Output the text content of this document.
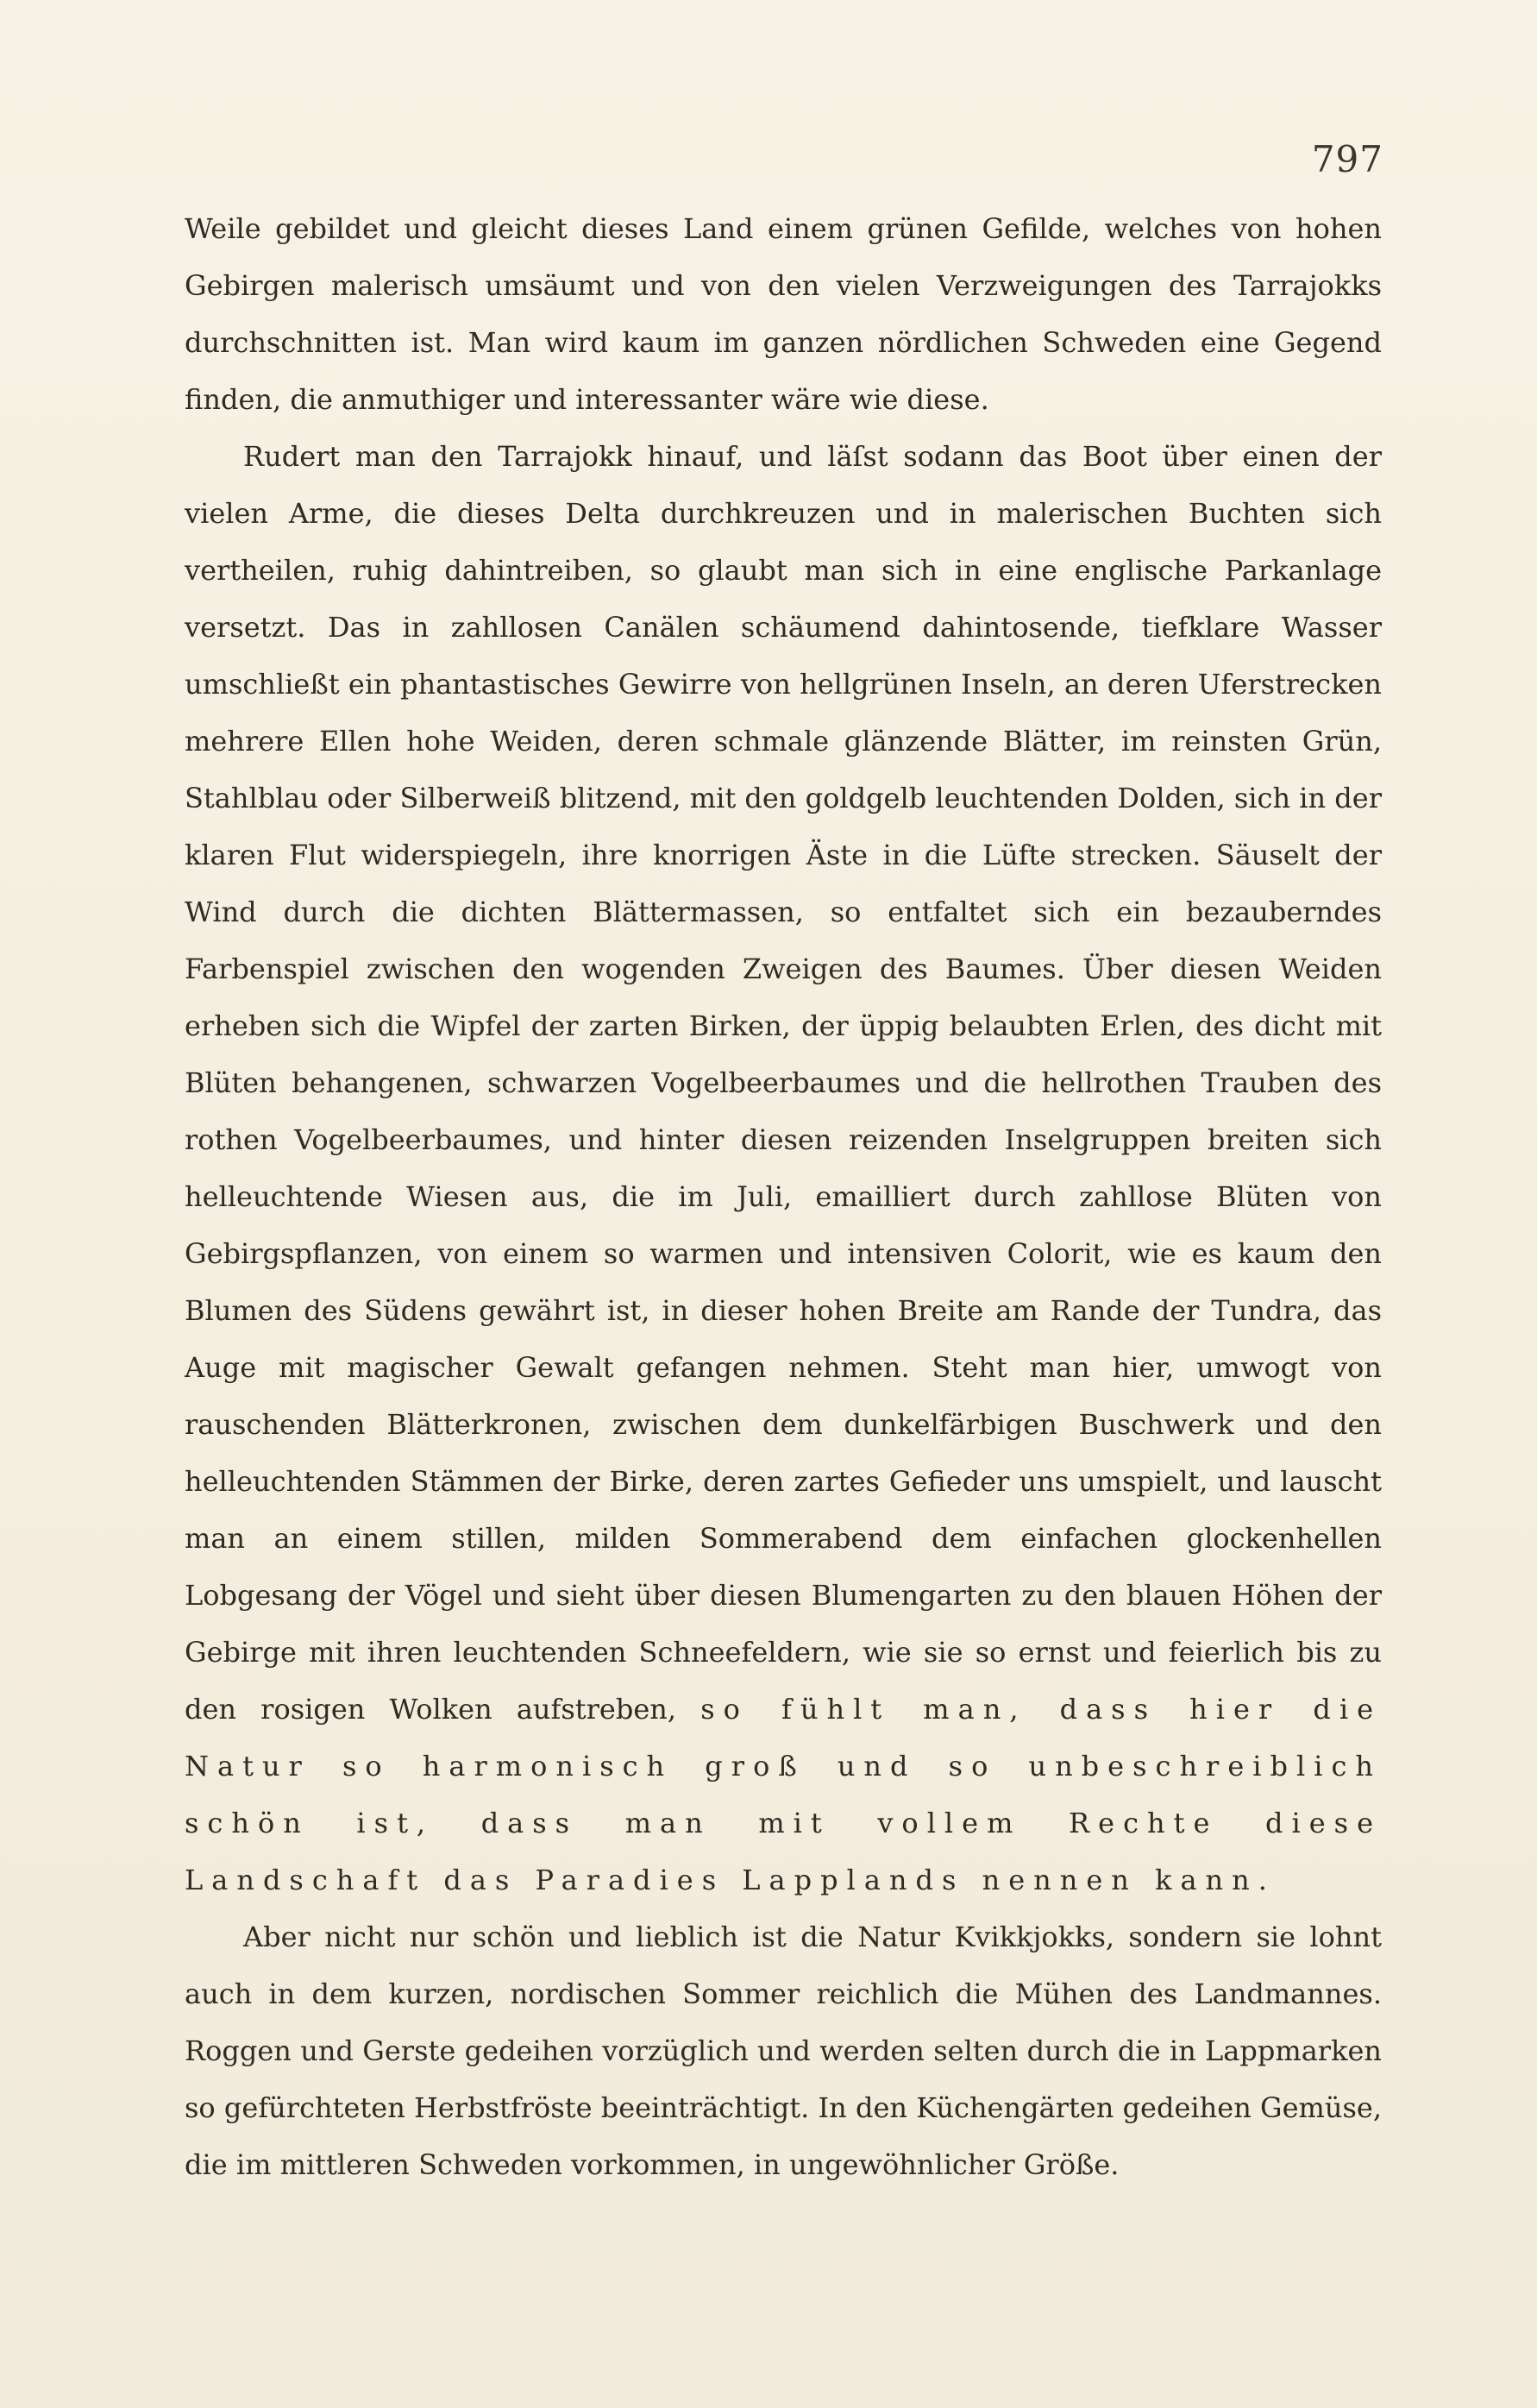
797

Weile gebildet und gleicht dieses Land einem grünen Gefilde, welches von hohen Gebirgen malerisch umsäumt und von den vielen Verzweigungen des Tarrajokks durchschnitten ist. Man wird kaum im ganzen nördlichen Schweden eine Gegend finden, die anmuthiger und interessanter wäre wie diese.

Rudert man den Tarrajokk hinauf, und läſst sodann das Boot über einen der vielen Arme, die dieses Delta durchkreuzen und in malerischen Buchten sich vertheilen, ruhig dahintreiben, so glaubt man sich in eine englische Parkanlage versetzt. Das in zahllosen Canälen schäumend dahintosende, tiefklare Wasser umschließt ein phantastisches Gewirre von hellgrünen Inseln, an deren Uferstrecken mehrere Ellen hohe Weiden, deren schmale glänzende Blätter, im reinsten Grün, Stahlblau oder Silberweiß blitzend, mit den goldgelb leuchtenden Dolden, sich in der klaren Flut widerspiegeln, ihre knorrigen Äste in die Lüfte strecken. Säuselt der Wind durch die dichten Blättermassen, so entfaltet sich ein bezauberndes Farbenspiel zwischen den wogenden Zweigen des Baumes. Über diesen Weiden erheben sich die Wipfel der zarten Birken, der üppig belaubten Erlen, des dicht mit Blüten behangenen, schwarzen Vogelbeerbaumes und die hellrothen Trauben des rothen Vogelbeerbaumes, und hinter diesen reizenden Inselgruppen breiten sich helleuchtende Wiesen aus, die im Juli, emailliert durch zahllose Blüten von Gebirgspflanzen, von einem so warmen und intensiven Colorit, wie es kaum den Blumen des Südens gewährt ist, in dieser hohen Breite am Rande der Tundra, das Auge mit magischer Gewalt gefangen nehmen. Steht man hier, umwogt von rauschenden Blätterkronen, zwischen dem dunkelfärbigen Buschwerk und den helleuchtenden Stämmen der Birke, deren zartes Gefieder uns umspielt, und lauscht man an einem stillen, milden Sommerabend dem einfachen glockenhellen Lobgesang der Vögel und sieht über diesen Blumengarten zu den blauen Höhen der Gebirge mit ihren leuchtenden Schneefeldern, wie sie so ernst und feierlich bis zu den rosigen Wolken aufstreben, so fühlt man, dass hier die Natur so harmonisch groß und so unbeschreiblich schön ist, dass man mit vollem Rechte diese Landschaft das Paradies Lapplands nennen kann.

Aber nicht nur schön und lieblich ist die Natur Kvikkjokks, sondern sie lohnt auch in dem kurzen, nordischen Sommer reichlich die Mühen des Landmannes. Roggen und Gerste gedeihen vorzüglich und werden selten durch die in Lappmarken so gefürchteten Herbstfröste beeinträchtigt. In den Küchengärten gedeihen Gemüse, die im mittleren Schweden vorkommen, in ungewöhnlicher Größe.
